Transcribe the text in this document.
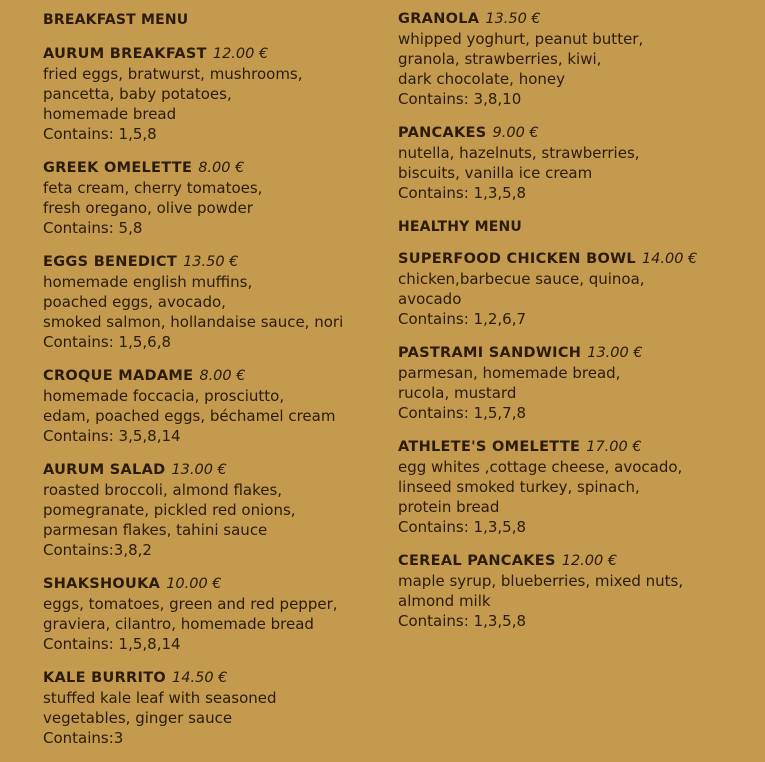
BREAKFAST MENU
AURUM BREAKFAST 12.00 €
fried eggs, bratwurst, mushrooms,
pancetta, baby potatoes,
homemade bread
Contains: 1,5,8
GREEK OMELETTE 8.00 €
feta cream, cherry tomatoes,
fresh oregano, olive powder
Contains: 5,8
EGGS BENEDICT 13.50 €
homemade english muffins,
poached eggs, avocado,
smoked salmon, hollandaise sauce, nori
Contains: 1,5,6,8
CROQUE MADAME 8.00 €
homemade foccacia, prosciutto,
edam, poached eggs, béchamel cream
Contains: 3,5,8,14
AURUM SALAD 13.00 €
roasted broccoli, almond flakes,
pomegranate, pickled red onions,
parmesan flakes, tahini sauce
Contains:3,8,2
SHAKSHOUKA 10.00 €
eggs, tomatoes, green and red pepper,
graviera, cilantro, homemade bread
Contains: 1,5,8,14
KALE BURRITO 14.50 €
stuffed kale leaf with seasoned
vegetables, ginger sauce
Contains:3
GRANOLA 13.50 €
whipped yoghurt, peanut butter,
granola, strawberries, kiwi,
dark chocolate, honey
Contains: 3,8,10
PANCAKES 9.00 €
nutella, hazelnuts, strawberries,
biscuits, vanilla ice cream
Contains: 1,3,5,8
HEALTHY MENU
SUPERFOOD CHICKEN BOWL 14.00 €
chicken,barbecue sauce, quinoa,
avocado
Contains: 1,2,6,7
PASTRAMI SANDWICH 13.00 €
parmesan, homemade bread,
rucola, mustard
Contains: 1,5,7,8
ATHLETE'S OMELETTE 17.00 €
egg whites ,cottage cheese, avocado,
linseed smoked turkey, spinach,
protein bread
Contains: 1,3,5,8
CEREAL PANCAKES 12.00 €
maple syrup, blueberries, mixed nuts,
almond milk
Contains: 1,3,5,8
